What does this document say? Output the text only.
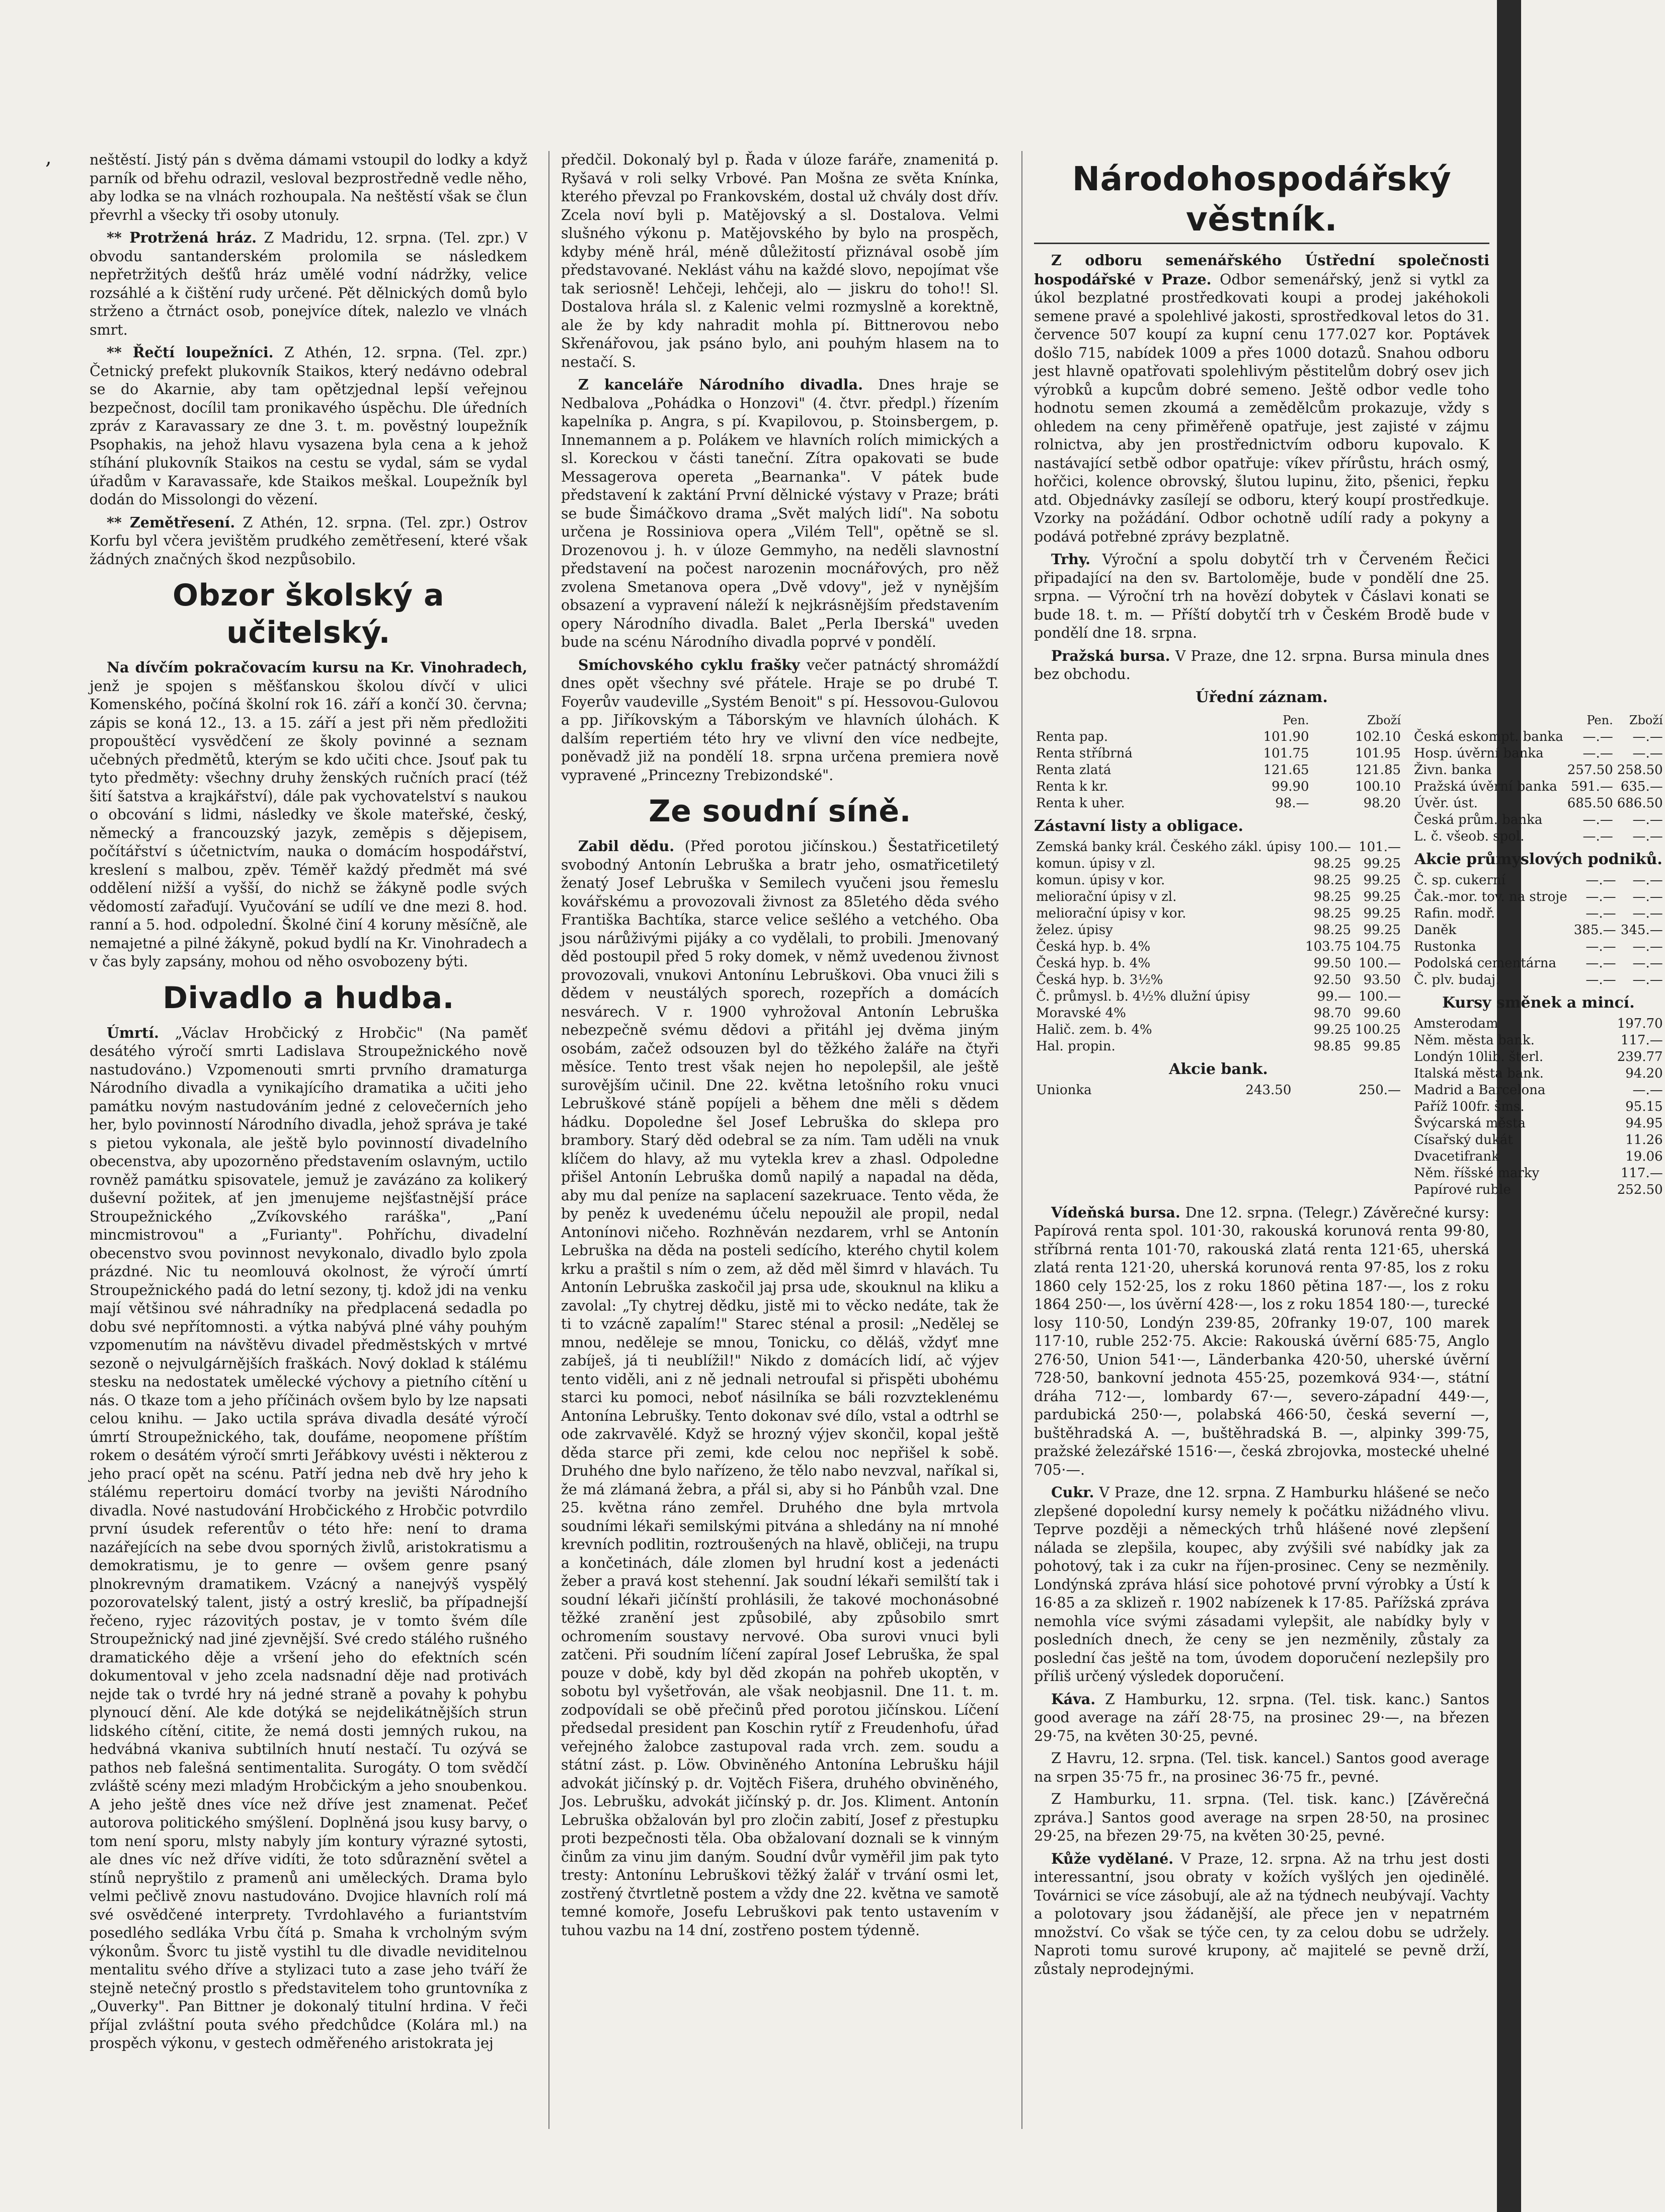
,	neštěstí. Jistý pán s dvěma dámami vstoupil do lodky a když parník od břehu odrazil, vesloval bezprostředně vedle něho, aby lodka se na vlnách rozhoupala. Na neštěstí však se člun převrhl a všecky tři osoby utonuly.

** Protržená hráz. Z Madridu, 12. srpna. (Tel. zpr.) V obvodu santanderském prolomila se následkem nepřetržitých dešťů hráz umělé vodní nádržky, velice rozsáhlé a k čištění rudy určené. Pět dělnických domů bylo strženo a čtrnáct osob, ponejvíce dítek, nalezlo ve vlnách smrt.

** Řečtí loupežníci. Z Athén, 12. srpna. (Tel. zpr.) Četnický prefekt plukovník Staikos, který nedávno odebral se do Akarnie, aby tam opětzjednal lepší veřejnou bezpečnost, docílil tam pronikavého úspěchu. Dle úředních zpráv z Karavassary ze dne 3. t. m. pověstný loupežník Psophakis, na jehož hlavu vysazena byla cena a k jehož stíhání plukovník Staikos na cestu se vydal, sám se vydal úřadům v Karavassaře, kde Staikos meškal. Loupežník byl dodán do Missolongi do vězení.

** Zemětřesení. Z Athén, 12. srpna. (Tel. zpr.) Ostrov Korfu byl včera jevištěm prudkého zemětřesení, které však žádných značných škod nezpůsobilo.

Obzor školský a učitelský.

Na dívčím pokračovacím kursu na Kr. Vinohradech, jenž je spojen s měšťanskou školou dívčí v ulici Komenského, počíná školní rok 16. září a končí 30. června; zápis se koná 12., 13. a 15. září a jest při něm předložiti propouštěcí vysvědčení ze školy povinné a seznam učebných předmětů, kterým se kdo učiti chce. Jsouť pak tu tyto předměty: všechny druhy ženských ručních prací (též šití šatstva a krajkářství), dále pak vychovatelství s naukou o obcování s lidmi, následky ve škole mateřské, český, německý a francouzský jazyk, zeměpis s dějepisem, počítářství s účetnictvím, nauka o domácím hospodářství, kreslení s malbou, zpěv. Téměř každý předmět má své oddělení nižší a vyšší, do nichž se žákyně podle svých vědomostí zařaďují. Vyučování se udílí ve dne mezi 8. hod. ranní a 5. hod. odpolední. Školné činí 4 koruny měsíčně, ale nemajetné a pilné žákyně, pokud bydlí na Kr. Vinohradech a v čas byly zapsány, mohou od něho osvobozeny býti.

Divadlo a hudba.

Úmrtí. „Václav Hrobčický z Hrobčic" (Na paměť desátého výročí smrti Ladislava Stroupežnického nově nastudováno.) Vzpomenouti smrti prvního dramaturga Národního divadla a vynikajícího dramatika a učiti jeho památku novým nastudováním jedné z celovečerních jeho her, bylo povinností Národního divadla, jehož správa je také s pietou vykonala, ale ještě bylo povinností divadelního obecenstva, aby upozorněno představením oslavným, uctilo rovněž památku spisovatele, jemuž je zavázáno za kolikerý duševní požitek, ať jen jmenujeme nejšťastnější práce Stroupežnického „Zvíkovského raráška", „Paní mincmistrovou" a „Furianty". Pohříchu, divadelní obecenstvo svou povinnost nevykonalo, divadlo bylo zpola prázdné. Nic tu neomlouvá okolnost, že výročí úmrtí Stroupežnického padá do letní sezony, tj. kdož jdi na venku mají většinou své náhradníky na předplacená sedadla po dobu své nepřítomnosti. a výtka nabývá plné váhy pouhým vzpomenutím na návštěvu divadel předměstských v mrtvé sezoně o nejvulgárnějších fraškách. Nový doklad k stálému stesku na nedostatek umělecké výchovy a pietního cítění u nás. O tkaze tom a jeho příčinách ovšem bylo by lze napsati celou knihu. — Jako uctila správa divadla desáté výročí úmrtí Stroupežnického, tak, doufáme, neopomene příštím rokem o desátém výročí smrti Jeřábkovy uvésti i některou z jeho prací opět na scénu. Patří jedna neb dvě hry jeho k stálému repertoiru domácí tvorby na jevišti Národního divadla. Nové nastudování Hrobčického z Hrobčic potvrdilo první úsudek referentův o této hře: není to drama nazářejících na sebe dvou sporných živlů, aristokratismu a demokratismu, je to genre — ovšem genre psaný plnokrevným dramatikem. Vzácný a nanejvýš vyspělý pozorovatelský talent, jistý a ostrý kreslič, ba případnejší řečeno, ryjec rázovitých postav, je v tomto švém díle Stroupežnický nad jiné zjevnější. Své credo stálého rušného dramatického děje a vršení jeho do efektních scén dokumentoval v jeho zcela nadsnadní děje nad protivách nejde tak o tvrdé hry ná jedné straně a povahy k pohybu plynoucí dění. Ale kde dotýká se nejdelikátnějších strun lidského cítění, citite, že nemá dosti jemných rukou, na hedvábná vkaniva subtilních hnutí nestačí. Tu ozývá se pathos neb falešná sentimentalita. Surogáty. O tom svědčí zvláště scény mezi mladým Hrobčickým a jeho snoubenkou. A jeho ještě dnes více než dříve jest znamenat. Pečeť autorova politického smýšlení. Doplněná jsou kusy barvy, o tom není sporu, mlsty nabyly jím kontury výrazné sytosti, ale dnes víc než dříve vidíti, že toto sdůraznění světel a stínů nepryštilo z pramenů ani uměleckých. Drama bylo velmi pečlivě znovu nastudováno. Dvojice hlavních rolí má své osvědčené interprety. Tvrdohlavého a furiantstvím posedlého sedláka Vrbu čítá p. Smaha k vrcholným svým výkonům. Švorc tu jistě vystihl tu dle divadle neviditelnou mentalitu svého dříve a stylizaci tuto a zase jeho tváří že stejně netečný prostlo s představitelem toho gruntovníka z „Ouverky". Pan Bittner je dokonalý titulní hrdina. V řeči příjal zvláštní pouta svého předchůdce (Kolára ml.) na prospěch výkonu, v gestech odměřeného aristokrata jej

předčil. Dokonalý byl p. Řada v úloze faráře, znamenitá p. Ryšavá v roli selky Vrbové. Pan Mošna ze světa Knínka, kterého převzal po Frankovském, dostal už chvály dost dřív. Zcela noví byli p. Matějovský a sl. Dostalova. Velmi slušného výkonu p. Matějovského by bylo na prospěch, kdyby méně hrál, méně důležitostí přiznával osobě jím představované. Neklást váhu na každé slovo, nepojímat vše tak seriosně! Lehčeji, lehčeji, alo — jiskru do toho!! Sl. Dostalova hrála sl. z Kalenic velmi rozmyslně a korektně, ale že by kdy nahradit mohla pí. Bittnerovou nebo Skřenářovou, jak psáno bylo, ani pouhým hlasem na to nestačí. S.

Z kanceláře Národního divadla. Dnes hraje se Nedbalova „Pohádka o Honzovi" (4. čtvr. předpl.) řízením kapelníka p. Angra, s pí. Kvapilovou, p. Stoinsbergem, p. Innemannem a p. Polákem ve hlavních rolích mimických a sl. Koreckou v části taneční. Zítra opakovati se bude Messagerova opereta „Bearnanka". V pátek bude představení k zaktání První dělnické výstavy v Praze; bráti se bude Šimáčkovo drama „Svět malých lidí". Na sobotu určena je Rossiniova opera „Vilém Tell", opětně se sl. Drozenovou j. h. v úloze Gemmyho, na neděli slavnostní představení na počest narozenin mocnářových, pro něž zvolena Smetanova opera „Dvě vdovy", jež v nynějším obsazení a vypravení náleží k nejkrásnějším představením opery Národního divadla. Balet „Perla Iberská" uveden bude na scénu Národního divadla poprvé v pondělí.

Smíchovského cyklu frašky večer patnáctý shromáždí dnes opět všechny své přátele. Hraje se po drubé T. Foyerův vaudeville „Systém Benoit" s pí. Hessovou-Gulovou a pp. Jiříkovským a Táborským ve hlavních úlohách. K dalším repertiém této hry ve vlivní den více nedbejte, poněvadž již na pondělí 18. srpna určena premiera nově vypravené „Princezny Trebizondské".

Ze soudní síně.

Zabil dědu. (Před porotou jičínskou.) Šestatřicetiletý svobodný Antonín Lebruška a bratr jeho, osmatřicetiletý ženatý Josef Lebruška v Semilech vyučeni jsou řemeslu kovářskému a provozovali živnost za 85letého děda svého Františka Bachtíka, starce velice sešlého a vetchého. Oba jsou nárůživými pijáky a co vydělali, to probili. Jmenovaný děd postoupil před 5 roky domek, v němž uvedenou živnost provozovali, vnukovi Antonínu Lebruškovi. Oba vnuci žili s dědem v neustálých sporech, rozepřích a domácích nesvárech. V r. 1900 vyhrožoval Antonín Lebruška nebezpečně svému dědovi a přitáhl jej dvěma jiným osobám, začež odsouzen byl do těžkého žaláře na čtyři měsíce. Tento trest však nejen ho nepolepšil, ale ještě surovějším učinil. Dne 22. května letošního roku vnuci Lebruškové stáně popíjeli a během dne měli s dědem hádku. Dopoledne šel Josef Lebruška do sklepa pro brambory. Starý děd odebral se za ním. Tam uděli na vnuk klíčem do hlavy, až mu vytekla krev a zhasl. Odpoledne přišel Antonín Lebruška domů napilý a napadal na děda, aby mu dal peníze na saplacení sazekruace. Tento věda, že by peněz k uvedenému účelu nepoužil ale propil, nedal Antonínovi ničeho. Rozhněván nezdarem, vrhl se Antonín Lebruška na děda na posteli sedícího, kterého chytil kolem krku a praštil s ním o zem, až děd měl šimrd v hlavách. Tu Antonín Lebruška zaskočil jaj prsa ude, skouknul na kliku a zavolal: „Ty chytrej dědku, jistě mi to věcko nedáte, tak že ti to vzácně zapalím!" Starec sténal a prosil: „Nedělej se mnou, neděleje se mnou, Tonicku, co děláš, vždyť mne zabíješ, já ti neublížil!" Nikdo z domácích lidí, ač výjev tento viděli, ani z ně jednali netroufal si přispěti ubohému starci ku pomoci, neboť násilníka se báli rozvzteklenému Antonína Lebrušky. Tento dokonav své dílo, vstal a odtrhl se ode zakrvavělé. Když se hrozný výjev skončil, kopal ještě děda starce při zemi, kde celou noc nepřišel k sobě. Druhého dne bylo nařízeno, že tělo nabo nevzval, naříkal si, že má zlámaná žebra, a přál si, aby si ho Pánbůh vzal. Dne 25. května ráno zemřel. Druhého dne byla mrtvola soudními lékaři semilskými pitvána a shledány na ní mnohé krevních podlitin, roztroušených na hlavě, obličeji, na trupu a končetinách, dále zlomen byl hrudní kost a jedenácti žeber a pravá kost stehenní. Jak soudní lékaři semilští tak i soudní lékaři jičínští prohlásili, že takové mochonásobné těžké zranění jest způsobilé, aby způsobilo smrt ochromením soustavy nervové. Oba surovi vnuci byli zatčeni. Při soudním líčení zapíral Josef Lebruška, že spal pouze v době, kdy byl děd zkopán na pohřeb ukoptěn, v sobotu byl vyšetřován, ale však neobjasnil. Dne 11. t. m. zodpovídali se obě přečinů před porotou jičínskou. Líčení předsedal president pan Koschin rytíř z Freudenhofu, úřad veřejného žalobce zastupoval rada vrch. zem. soudu a státní zást. p. Löw. Obviněného Antonína Lebrušku hájil advokát jičínský p. dr. Vojtěch Fišera, druhého obviněného, Jos. Lebrušku, advokát jičínský p. dr. Jos. Kliment. Antonín Lebruška obžalován byl pro zločin zabití, Josef z přestupku proti bezpečnosti těla. Oba obžalovaní doznali se k vinným činům za vinu jim daným. Soudní dvůr vyměřil jim pak tyto tresty: Antonínu Lebruškovi těžký žalář v trvání osmi let, zostřený čtvrtletně postem a vždy dne 22. května ve samotě temné komoře, Josefu Lebruškovi pak tento ustavením v tuhou vazbu na 14 dní, zostřeno postem týdenně.

Národohospodářský věstník.

Z odboru semenářského Ústřední společnosti hospodářské v Praze. Odbor semenářský, jenž si vytkl za úkol bezplatné prostředkovati koupi a prodej jakéhokoli semene pravé a spolehlivé jakosti, sprostředkoval letos do 31. července 507 koupí za kupní cenu 177.027 kor. Poptávek došlo 715, nabídek 1009 a přes 1000 dotazů. Snahou odboru jest hlavně opatřovati spolehlivým pěstitelům dobrý osev jich výrobků a kupcům dobré semeno. Ještě odbor vedle toho hodnotu semen zkoumá a zemědělcům prokazuje, vždy s ohledem na ceny přiměřeně opatřuje, jest zajisté v zájmu rolnictva, aby jen prostřednictvím odboru kupovalo. K nastávající setbě odbor opatřuje: víkev přírůstu, hrách osmý, hořčici, kolence obrovský, šlutou lupinu, žito, pšenici, řepku atd. Objednávky zasílejí se odboru, který koupí prostředkuje. Vzorky na požádání. Odbor ochotně udílí rady a pokyny a podává potřebné zprávy bezplatně.

Trhy. Výroční a spolu dobytčí trh v Červeném Řečici připadající na den sv. Bartoloměje, bude v pondělí dne 25. srpna. — Výroční trh na hovězí dobytek v Čáslavi konati se bude 18. t. m. — Příští dobytčí trh v Českém Brodě bude v pondělí dne 18. srpna.

Pražská bursa. V Praze, dne 12. srpna. Bursa minula dnes bez obchodu.

Úřední záznam.
	Pen.	Zboží
Renta pap.	101.90	102.10
Renta stříbrná	101.75	101.95
Renta zlatá	121.65	121.85
Renta k kr.	99.90	100.10
Renta k uher.	98.—	98.20
Zástavní listy a obligace.
Zemská banky král. Českého zákl. úpisy	100.—	101.—
komun. úpisy v zl.	98.25	99.25
komun. úpisy v kor.	98.25	99.25
meliorační úpisy v zl.	98.25	99.25
meliorační úpisy v kor.	98.25	99.25
želez. úpisy	98.25	99.25
Česká hyp. b. 4%	103.75	104.75
Česká hyp. b. 4%	99.50	100.—
Česká hyp. b. 3½%	92.50	93.50
Č. průmysl. b. 4½% dlužní úpisy	99.—	100.—
Moravské 4%	98.70	99.60
Halič. zem. b. 4%	99.25	100.25
Hal. propin.	98.85	99.85
Akcie bank.
Unionka	243.50	250.—
	Pen.	Zboží
Česká eskompt. banka	—.—	—.—
Hosp. úvěrní banka	—.—	—.—
Živn. banka	257.50	258.50
Pražská úvěrní banka	591.—	635.—
Úvěr. úst.	685.50	686.50
Česká prům. banka	—.—	—.—
L. č. všeob. spol.	—.—	—.—
Akcie průmyslových podniků.
Č. sp. cukerní	—.—	—.—
Čak.-mor. tov. na stroje	—.—	—.—
Rafin. modř.	—.—	—.—
Daněk	385.—	345.—
Rustonka	—.—	—.—
Podolská cementárna	—.—	—.—
Č. plv. budaj.	—.—	—.—
Kursy směnek a mincí.
Amsterodam	197.70
Něm. města bank.	117.—
Londýn 10lib. šterl.	239.77
Italská města bank.	94.20
Madrid a Barcelona	—.—
Paříž 100fr. šms.	95.15
Švýcarská města	94.95
Císařský dukát	11.26
Dvacetifrank	19.06
Něm. říšské marky	117.—
Papírové ruble	252.50

Vídeňská bursa. Dne 12. srpna. (Telegr.) Závěrečné kursy: Papírová renta spol. 101·30, rakouská korunová renta 99·80, stříbrná renta 101·70, rakouská zlatá renta 121·65, uherská zlatá renta 121·20, uherská korunová renta 97·85, los z roku 1860 cely 152·25, los z roku 1860 pětina 187·—, los z roku 1864 250·—, los úvěrní 428·—, los z roku 1854 180·—, turecké losy 110·50, Londýn 239·85, 20franky 19·07, 100 marek 117·10, ruble 252·75. Akcie: Rakouská úvěrní 685·75, Anglo 276·50, Union 541·—, Länderbanka 420·50, uherské úvěrní 728·50, bankovní jednota 455·25, pozemková 934·—, státní dráha 712·—, lombardy 67·—, severo-západní 449·—, pardubická 250·—, polabská 466·50, česká severní —, buštěhradská A. —, buštěhradská B. —, alpinky 399·75, pražské železářské 1516·—, česká zbrojovka, mostecké uhelné 705·—.

Cukr. V Praze, dne 12. srpna. Z Hamburku hlášené se nečo zlepšené dopolední kursy nemely k počátku nižádného vlivu. Teprve později a německých trhů hlášené nové zlepšení nálada se zlepšila, koupec, aby zvýšili své nabídky jak za pohotový, tak i za cukr na říjen-prosinec. Ceny se nezměnily. Londýnská zpráva hlásí sice pohotové první výrobky a Ústí k 16·85 a za sklizeň r. 1902 nabízenek k 17·85. Pařížská zpráva nemohla více svými zásadami vylepšit, ale nabídky byly v posledních dnech, že ceny se jen nezměnily, zůstaly za poslední čas ještě na tom, úvodem doporučení nezlepšily pro příliš určený výsledek doporučení.

Káva. Z Hamburku, 12. srpna. (Tel. tisk. kanc.) Santos good average na září 28·75, na prosinec 29·—, na březen 29·75, na květen 30·25, pevné.

Z Havru, 12. srpna. (Tel. tisk. kancel.) Santos good average na srpen 35·75 fr., na prosinec 36·75 fr., pevné.

Z Hamburku, 11. srpna. (Tel. tisk. kanc.) [Závěrečná zpráva.] Santos good average na srpen 28·50, na prosinec 29·25, na březen 29·75, na květen 30·25, pevné.

Kůže vydělané. V Praze, 12. srpna. Až na trhu jest dosti interessantní, jsou obraty v kožích vyšlých jen ojedinělé. Továrnici se více zásobují, ale až na týdnech neubývají. Vachty a polotovary jsou žádanější, ale přece jen v nepatrném množství. Co však se týče cen, ty za celou dobu se udržely. Naproti tomu surové krupony, ač majitelé se pevně drží, zůstaly neprodejnými.
